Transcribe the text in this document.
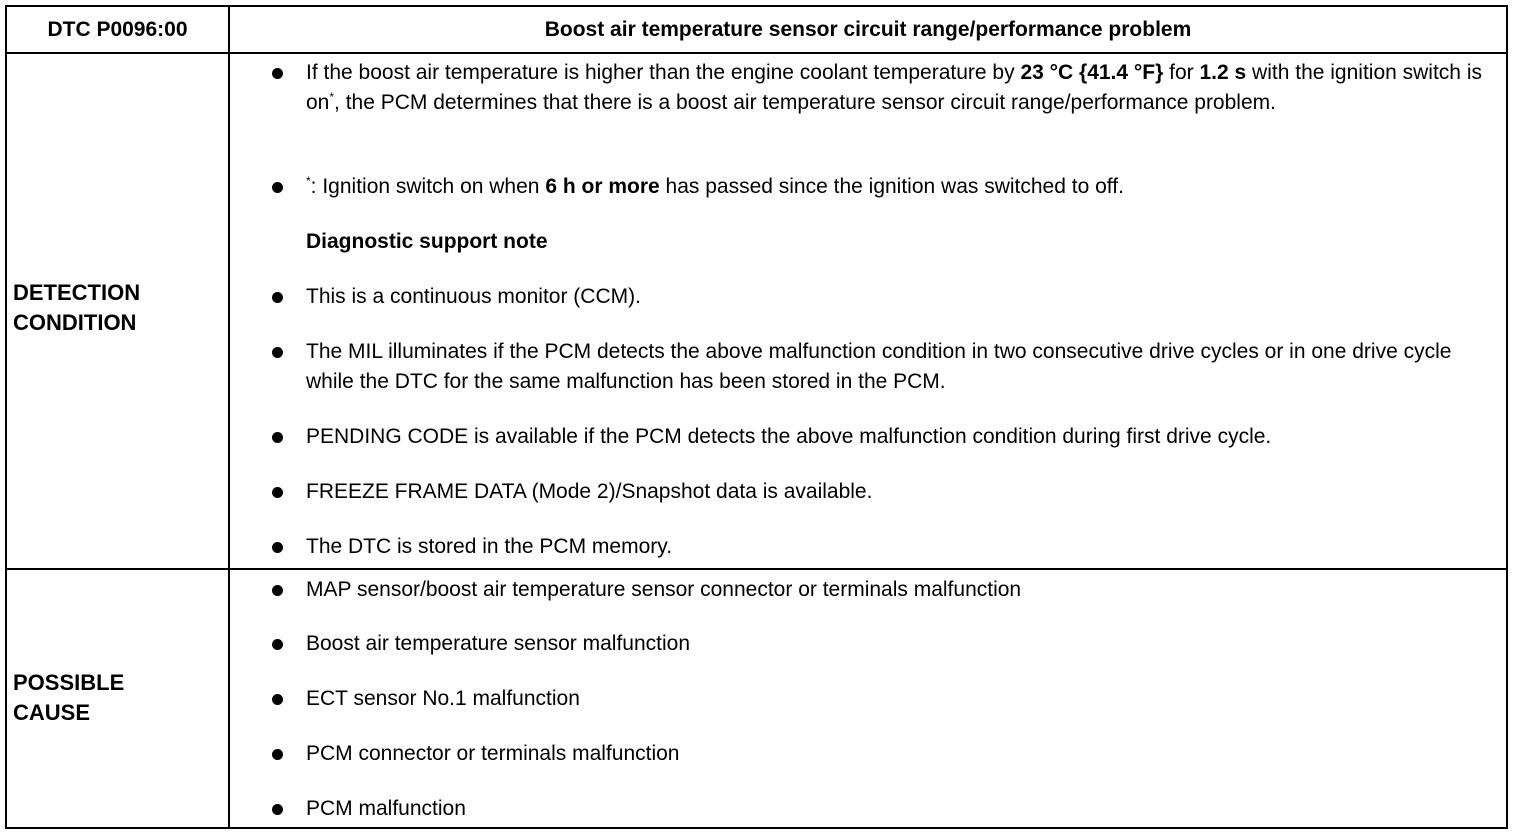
DTC P0096:00	Boost air temperature sensor circuit range/performance problem
DETECTION
CONDITION
If the boost air temperature is higher than the engine coolant temperature by 23 °C {41.4 °F} for 1.2 s with the ignition switch is on*, the PCM determines that there is a boost air temperature sensor circuit range/performance problem.
*: Ignition switch on when 6 h or more has passed since the ignition was switched to off.
Diagnostic support note
This is a continuous monitor (CCM).
The MIL illuminates if the PCM detects the above malfunction condition in two consecutive drive cycles or in one drive cycle while the DTC for the same malfunction has been stored in the PCM.
PENDING CODE is available if the PCM detects the above malfunction condition during first drive cycle.
FREEZE FRAME DATA (Mode 2)/Snapshot data is available.
The DTC is stored in the PCM memory.
POSSIBLE
CAUSE
MAP sensor/boost air temperature sensor connector or terminals malfunction
Boost air temperature sensor malfunction
ECT sensor No.1 malfunction
PCM connector or terminals malfunction
PCM malfunction
